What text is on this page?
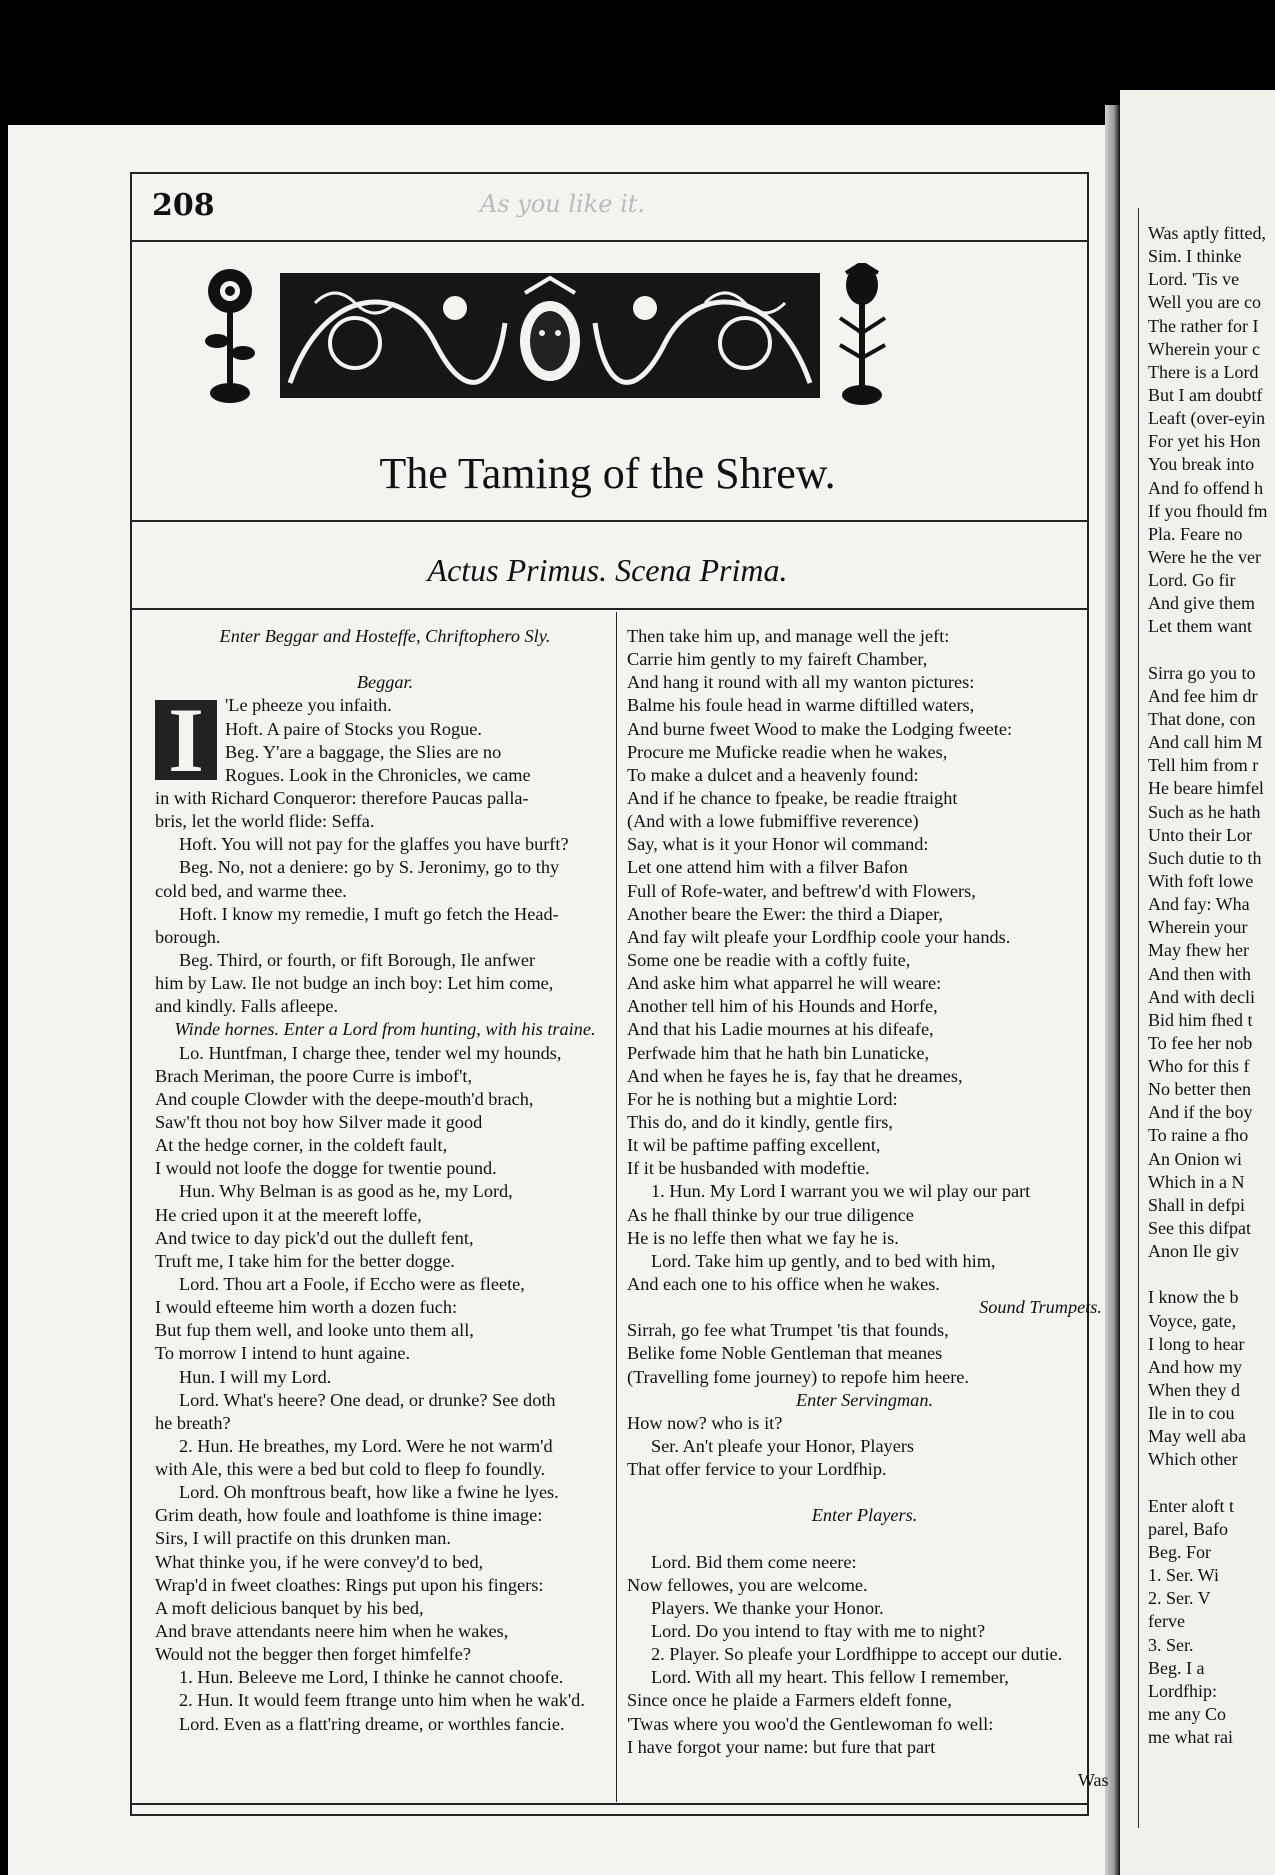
208	As you like it.
The Taming of the Shrew.
Actus Primus. Scena Prima.
Enter Beggar and Hosteffe, Chriftophero Sly.
Beggar.
'Le pheeze you infaith.
I	Hoft. A paire of Stocks you Rogue.
Beg. Y'are a baggage, the Slies are no
Rogues. Look in the Chronicles, we came
in with Richard Conqueror: therefore Paucas palla-
bris, let the world flide: Seffa.
Hoft. You will not pay for the glaffes you have burft?
Beg. No, not a deniere: go by S. Jeronimy, go to thy
cold bed, and warme thee.
Hoft. I know my remedie, I muft go fetch the Head-
borough.
Beg. Third, or fourth, or fift Borough, Ile anfwer
him by Law. Ile not budge an inch boy: Let him come,
and kindly. Falls afleepe.
Winde hornes. Enter a Lord from hunting, with his traine.
Lo. Huntfman, I charge thee, tender wel my hounds,
Brach Meriman, the poore Curre is imbof't,
And couple Clowder with the deepe-mouth'd brach,
Saw'ft thou not boy how Silver made it good
At the hedge corner, in the coldeft fault,
I would not loofe the dogge for twentie pound.
Hun. Why Belman is as good as he, my Lord,
He cried upon it at the meereft loffe,
And twice to day pick'd out the dulleft fent,
Truft me, I take him for the better dogge.
Lord. Thou art a Foole, if Eccho were as fleete,
I would efteeme him worth a dozen fuch:
But fup them well, and looke unto them all,
To morrow I intend to hunt againe.
Hun. I will my Lord.
Lord. What's heere? One dead, or drunke? See doth
he breath?
2. Hun. He breathes, my Lord. Were he not warm'd
with Ale, this were a bed but cold to fleep fo foundly.
Lord. Oh monftrous beaft, how like a fwine he lyes.
Grim death, how foule and loathfome is thine image:
Sirs, I will practife on this drunken man.
What thinke you, if he were convey'd to bed,
Wrap'd in fweet cloathes: Rings put upon his fingers:
A moft delicious banquet by his bed,
And brave attendants neere him when he wakes,
Would not the begger then forget himfelfe?
1. Hun. Beleeve me Lord, I thinke he cannot choofe.
2. Hun. It would feem ftrange unto him when he wak'd.
Lord. Even as a flatt'ring dreame, or worthles fancie.
Then take him up, and manage well the jeft:
Carrie him gently to my faireft Chamber,
And hang it round with all my wanton pictures:
Balme his foule head in warme diftilled waters,
And burne fweet Wood to make the Lodging fweete:
Procure me Muficke readie when he wakes,
To make a dulcet and a heavenly found:
And if he chance to fpeake, be readie ftraight
(And with a lowe fubmiffive reverence)
Say, what is it your Honor wil command:
Let one attend him with a filver Bafon
Full of Rofe-water, and beftrew'd with Flowers,
Another beare the Ewer: the third a Diaper,
And fay wilt pleafe your Lordfhip coole your hands.
Some one be readie with a coftly fuite,
And aske him what apparrel he will weare:
Another tell him of his Hounds and Horfe,
And that his Ladie mournes at his difeafe,
Perfwade him that he hath bin Lunaticke,
And when he fayes he is, fay that he dreames,
For he is nothing but a mightie Lord:
This do, and do it kindly, gentle firs,
It wil be paftime paffing excellent,
If it be husbanded with modeftie.
1. Hun. My Lord I warrant you we wil play our part
As he fhall thinke by our true diligence
He is no leffe then what we fay he is.
Lord. Take him up gently, and to bed with him,
And each one to his office when he wakes.
Sound Trumpets.
Sirrah, go fee what Trumpet 'tis that founds,
Belike fome Noble Gentleman that meanes
(Travelling fome journey) to repofe him heere.
Enter Servingman.
How now? who is it?
Ser. An't pleafe your Honor, Players
That offer fervice to your Lordfhip.
Enter Players.
Lord. Bid them come neere:
Now fellowes, you are welcome.
Players. We thanke your Honor.
Lord. Do you intend to ftay with me to night?
2. Player. So pleafe your Lordfhippe to accept our dutie.
Lord. With all my heart. This fellow I remember,
Since once he plaide a Farmers eldeft fonne,
'Twas where you woo'd the Gentlewoman fo well:
I have forgot your name: but fure that part
Was
Was aptly fitted,
Sim. I thinke
Lord. 'Tis ve
Well you are co
The rather for I
Wherein your c
There is a Lord
But I am doubtf
Leaft (over-eyin
For yet his Hon
You break into
And fo offend h
If you fhould fm
Pla. Feare no
Were he the ver
Lord. Go fir
And give them
Let them want
Sirra go you to
And fee him dr
That done, con
And call him M
Tell him from r
He beare himfel
Such as he hath
Unto their Lor
Such dutie to th
With foft lowe
And fay: Wha
Wherein your
May fhew her
And then with
And with decli
Bid him fhed t
To fee her nob
Who for this f
No better then
And if the boy
To raine a fho
An Onion wi
Which in a N
Shall in defpi
See this difpat
Anon Ile giv
I know the b
Voyce, gate,
I long to hear
And how my
When they d
Ile in to cou
May well aba
Which other
Enter aloft t
parel, Bafo
Beg. For
1. Ser. Wi
2. Ser. V
ferve
3. Ser.
Beg. I a
Lordfhip:
me any Co
me what rai
